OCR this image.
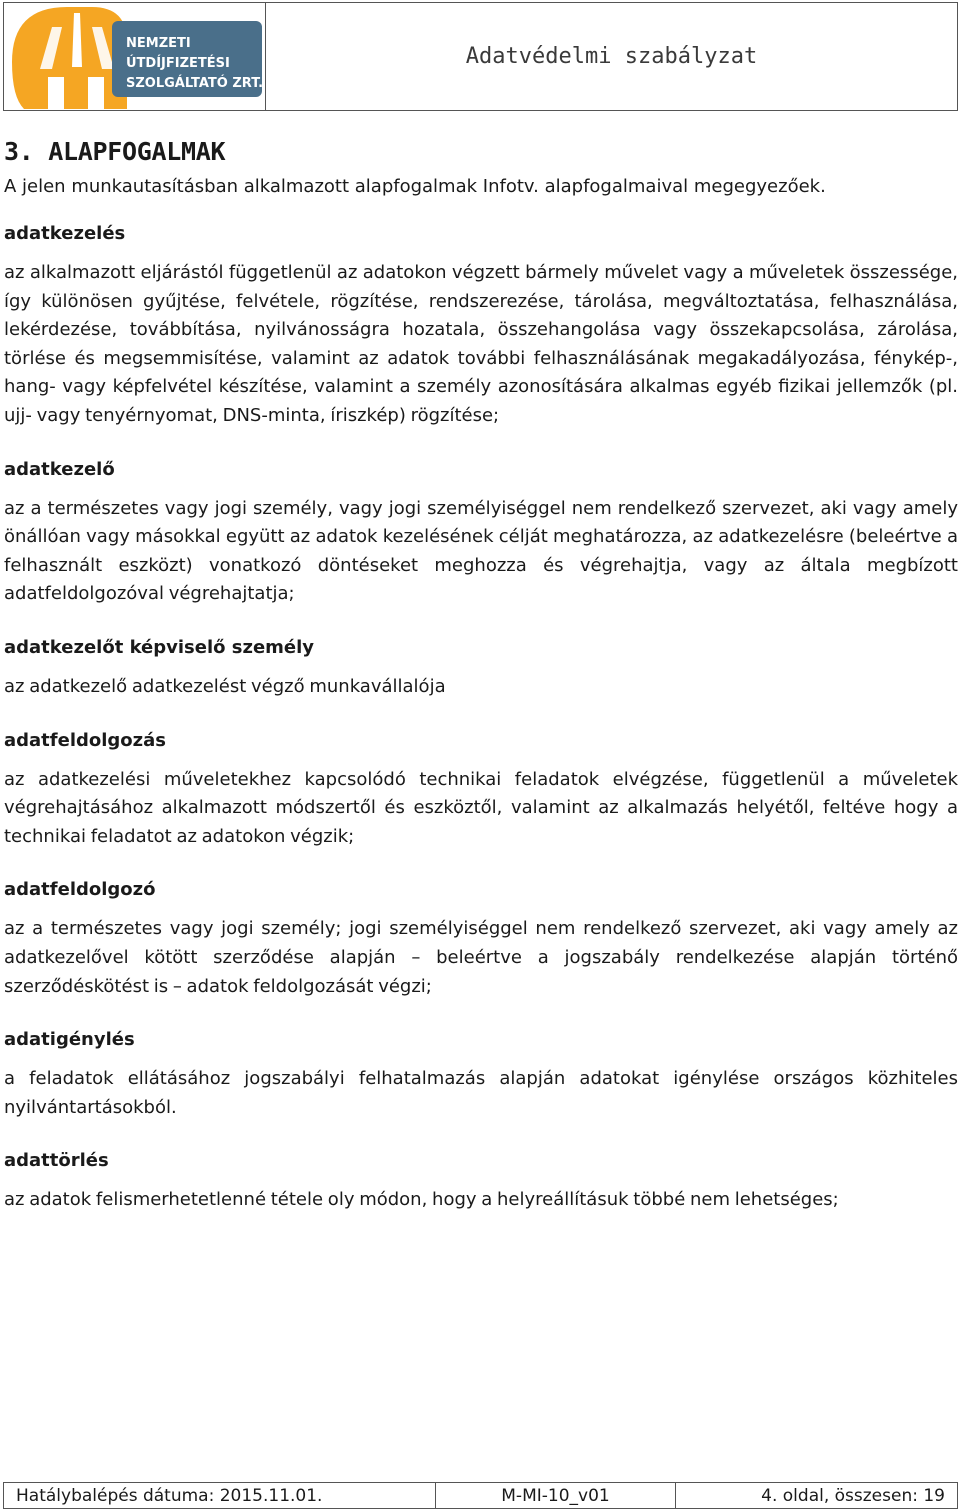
NEMZETI
ÚTDÍJFIZETÉSI
SZOLGÁLTATÓ ZRT.
Adatvédelmi szabályzat
3. ALAPFOGALMAK

A jelen munkautasításban alkalmazott alapfogalmak Infotv. alapfogalmaival megegyezőek.

adatkezelés

az alkalmazott eljárástól függetlenül az adatokon végzett bármely művelet vagy a műveletek összessége, így különösen gyűjtése, felvétele, rögzítése, rendszerezése, tárolása, megváltoztatása, felhasználása, lekérdezése, továbbítása, nyilvánosságra hozatala, összehangolása vagy összekapcsolása, zárolása, törlése és megsemmisítése, valamint az adatok további felhasználásának megakadályozása, fénykép-, hang- vagy képfelvétel készítése, valamint a személy azonosítására alkalmas egyéb fizikai jellemzők (pl. ujj- vagy tenyérnyomat, DNS-minta, íriszkép) rögzítése;

adatkezelő

az a természetes vagy jogi személy, vagy jogi személyiséggel nem rendelkező szervezet, aki vagy amely önállóan vagy másokkal együtt az adatok kezelésének célját meghatározza, az adatkezelésre (beleértve a felhasznált eszközt) vonatkozó döntéseket meghozza és végrehajtja, vagy az általa megbízott adatfeldolgozóval végrehajtatja;

adatkezelőt képviselő személy

az adatkezelő adatkezelést végző munkavállalója

adatfeldolgozás

az adatkezelési műveletekhez kapcsolódó technikai feladatok elvégzése, függetlenül a műveletek végrehajtásához alkalmazott módszertől és eszköztől, valamint az alkalmazás helyétől, feltéve hogy a technikai feladatot az adatokon végzik;

adatfeldolgozó

az a természetes vagy jogi személy; jogi személyiséggel nem rendelkező szervezet, aki vagy amely az adatkezelővel kötött szerződése alapján – beleértve a jogszabály rendelkezése alapján történő szerződéskötést is – adatok feldolgozását végzi;

adatigénylés

a feladatok ellátásához jogszabályi felhatalmazás alapján adatokat igénylése országos közhiteles nyilvántartásokból.

adattörlés

az adatok felismerhetetlenné tétele oly módon, hogy a helyreállításuk többé nem lehetséges;

Hatálybalépés dátuma: 2015.11.01.	M-MI-10_v01	4. oldal, összesen: 19
